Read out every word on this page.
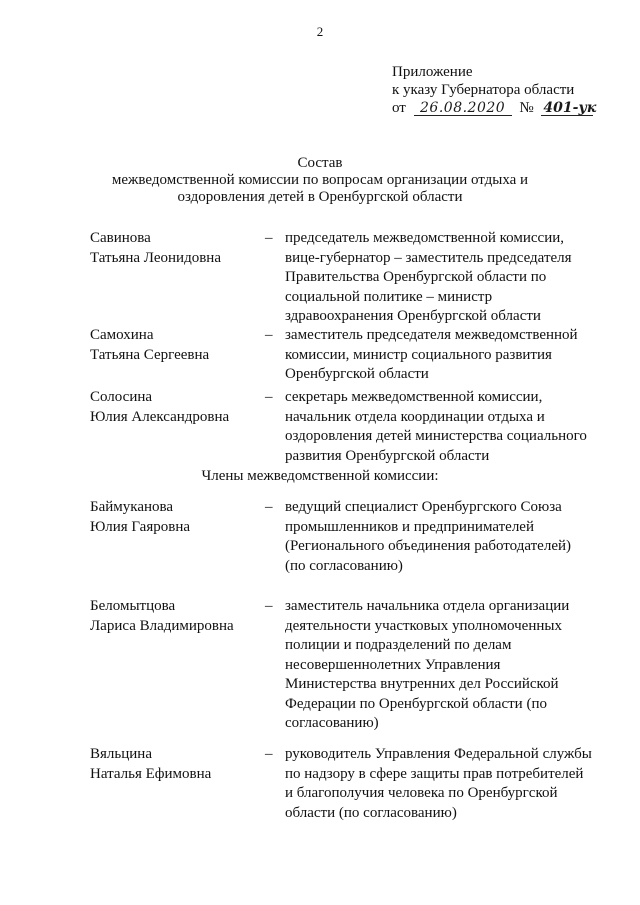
2
Приложение
к указу Губернатора области
от 26.08.2020 № 401-ук
Состав
межведомственной комиссии по вопросам организации отдыха и
оздоровления детей в Оренбургской области
Савинова
Татьяна Леонидовна
– председатель межведомственной комиссии, вице-губернатор – заместитель председателя Правительства Оренбургской области по социальной политике – министр здравоохранения Оренбургской области
Самохина
Татьяна Сергеевна
– заместитель председателя межведомственной комиссии, министр социального развития Оренбургской области
Солосина
Юлия Александровна
– секретарь межведомственной комиссии, начальник отдела координации отдыха и оздоровления детей министерства социального развития Оренбургской области
Члены межведомственной комиссии:
Баймуканова
Юлия Гаяровна
– ведущий специалист Оренбургского Союза промышленников и предпринимателей (Регионального объединения работодателей) (по согласованию)
Беломытцова
Лариса Владимировна
– заместитель начальника отдела организации деятельности участковых уполномоченных полиции и подразделений по делам несовершеннолетних Управления Министерства внутренних дел Российской Федерации по Оренбургской области (по согласованию)
Вяльцина
Наталья Ефимовна
– руководитель Управления Федеральной службы по надзору в сфере защиты прав потребителей и благополучия человека по Оренбургской области (по согласованию)
